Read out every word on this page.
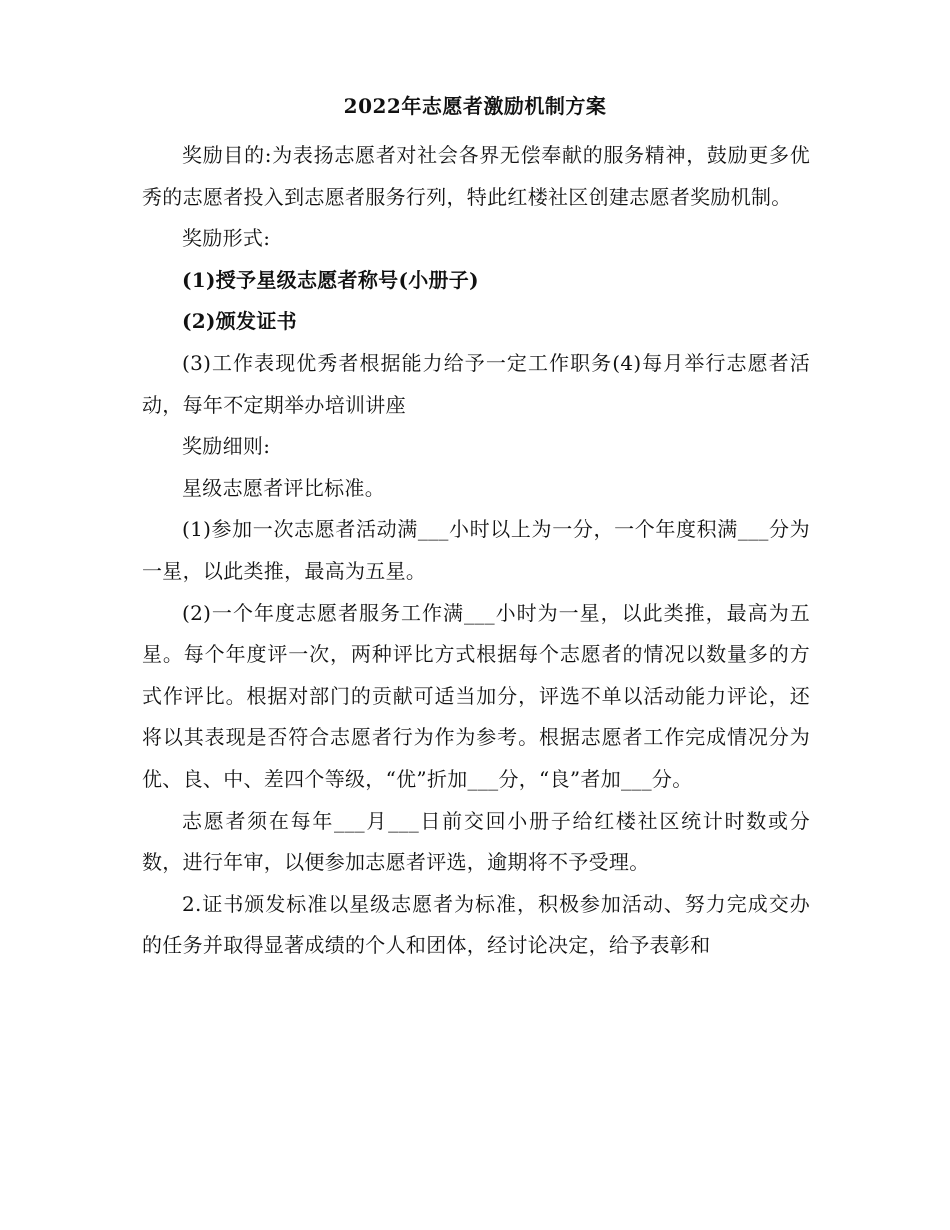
2022年志愿者激励机制方案

奖励目的:为表扬志愿者对社会各界无偿奉献的服务精神，鼓励更多优秀的志愿者投入到志愿者服务行列，特此红楼社区创建志愿者奖励机制。

奖励形式:

(1)授予星级志愿者称号(小册子)

(2)颁发证书

(3)工作表现优秀者根据能力给予一定工作职务(4)每月举行志愿者活动，每年不定期举办培训讲座

奖励细则:

星级志愿者评比标准。

(1)参加一次志愿者活动满___小时以上为一分，一个年度积满___分为一星，以此类推，最高为五星。

(2)一个年度志愿者服务工作满___小时为一星，以此类推，最高为五星。每个年度评一次，两种评比方式根据每个志愿者的情况以数量多的方式作评比。根据对部门的贡献可适当加分，评选不单以活动能力评论，还将以其表现是否符合志愿者行为作为参考。根据志愿者工作完成情况分为优、良、中、差四个等级，“优”折加___分，“良”者加___分。

志愿者须在每年___月___日前交回小册子给红楼社区统计时数或分数，进行年审，以便参加志愿者评选，逾期将不予受理。

2.证书颁发标准以星级志愿者为标准，积极参加活动、努力完成交办的任务并取得显著成绩的个人和团体，经讨论决定，给予表彰和
